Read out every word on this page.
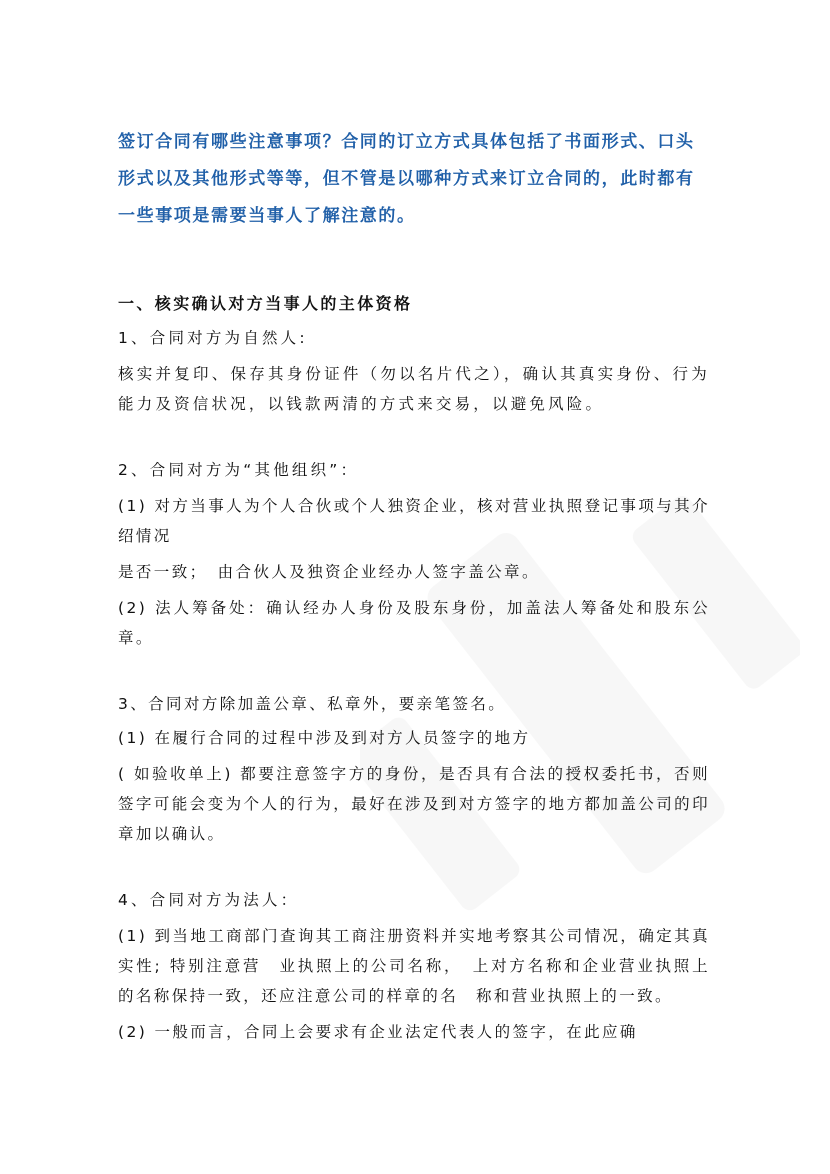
签订合同有哪些注意事项？合同的订立方式具体包括了书面形式、口头形式以及其他形式等等，但不管是以哪种方式来订立合同的，此时都有一些事项是需要当事人了解注意的。

一、核实确认对方当事人的主体资格

1、合同对方为自然人:

核实并复印、保存其身份证件（勿以名片代之），确认其真实身份、行为能力及资信状况，以钱款两清的方式来交易，以避免风险。

2、合同对方为“其他组织”：

(1) 对方当事人为个人合伙或个人独资企业，核对营业执照登记事项与其介绍情况

是否一致；　由合伙人及独资企业经办人签字盖公章。

(2) 法人筹备处：确认经办人身份及股东身份，加盖法人筹备处和股东公章。

3、合同对方除加盖公章、私章外，要亲笔签名。

(1) 在履行合同的过程中涉及到对方人员签字的地方

( 如验收单上) 都要注意签字方的身份，是否具有合法的授权委托书，否则签字可能会变为个人的行为，最好在涉及到对方签字的地方都加盖公司的印章加以确认。

4、合同对方为法人：

(1) 到当地工商部门查询其工商注册资料并实地考察其公司情况，确定其真实性; 特别注意营　业执照上的公司名称，　上对方名称和企业营业执照上的名称保持一致，还应注意公司的样章的名　称和营业执照上的一致。

(2) 一般而言，合同上会要求有企业法定代表人的签字，在此应确
